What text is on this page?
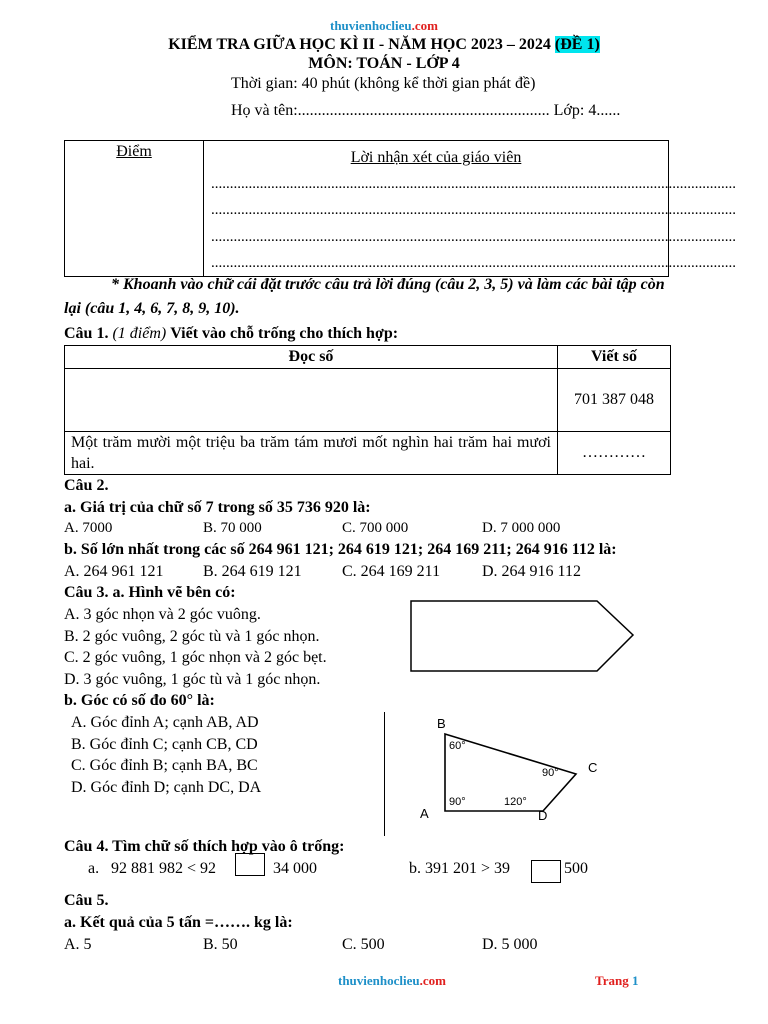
thuvienhoclieu.com
KIỂM TRA GIỮA HỌC KÌ II - NĂM HỌC 2023 – 2024 (ĐỀ 1)
MÔN: TOÁN - LỚP 4
Thời gian: 40 phút (không kể thời gian phát đề)
Họ và tên:............................................................... Lớp: 4......
Điểm	Lời nhận xét của giáo viên
............................................................................................................................................
............................................................................................................................................
............................................................................................................................................
............................................................................................................................................
* Khoanh vào chữ cái đặt trước câu trả lời đúng (câu 2, 3, 5) và làm các bài tập còn
lại (câu 1, 4, 6, 7, 8, 9, 10).
Câu 1. (1 điểm) Viết vào chỗ trống cho thích hợp:
Đọc số	Viết số
	701 387 048
Một trăm mười một triệu ba trăm tám mươi mốt nghìn hai trăm hai mươi hai.	…………
Câu 2.
a. Giá trị của chữ số 7 trong số 35 736 920 là:
A. 7000	B. 70 000	C. 700 000	D. 7 000 000
b. Số lớn nhất trong các số 264 961 121; 264 619 121; 264 169 211; 264 916 112 là:
A. 264 961 121 B. 264 619 121	C. 264 169 211	D. 264 916 112
Câu 3. a. Hình vẽ bên có:
A. 3 góc nhọn và 2 góc vuông.
B. 2 góc vuông, 2 góc tù và 1 góc nhọn.
C. 2 góc vuông, 1 góc nhọn và 2 góc bẹt.
D. 3 góc vuông, 1 góc tù và 1 góc nhọn.
b. Góc có số đo 60° là:
A. Góc đỉnh A; cạnh AB, AD
B. Góc đỉnh C; cạnh CB, CD
C. Góc đỉnh B; cạnh BA, BC
D. Góc đỉnh D; cạnh DC, DA
B
C
A	D
60°
90°
90°	120°
Câu 4. Tìm chữ số thích hợp vào ô trống:
a. 92 881 982 < 92	34 000	b. 391 201 > 39	500
Câu 5.
a. Kết quả của 5 tấn =……. kg là:
A. 5	B. 50	C. 500	D. 5 000
thuvienhoclieu.com	Trang 1
